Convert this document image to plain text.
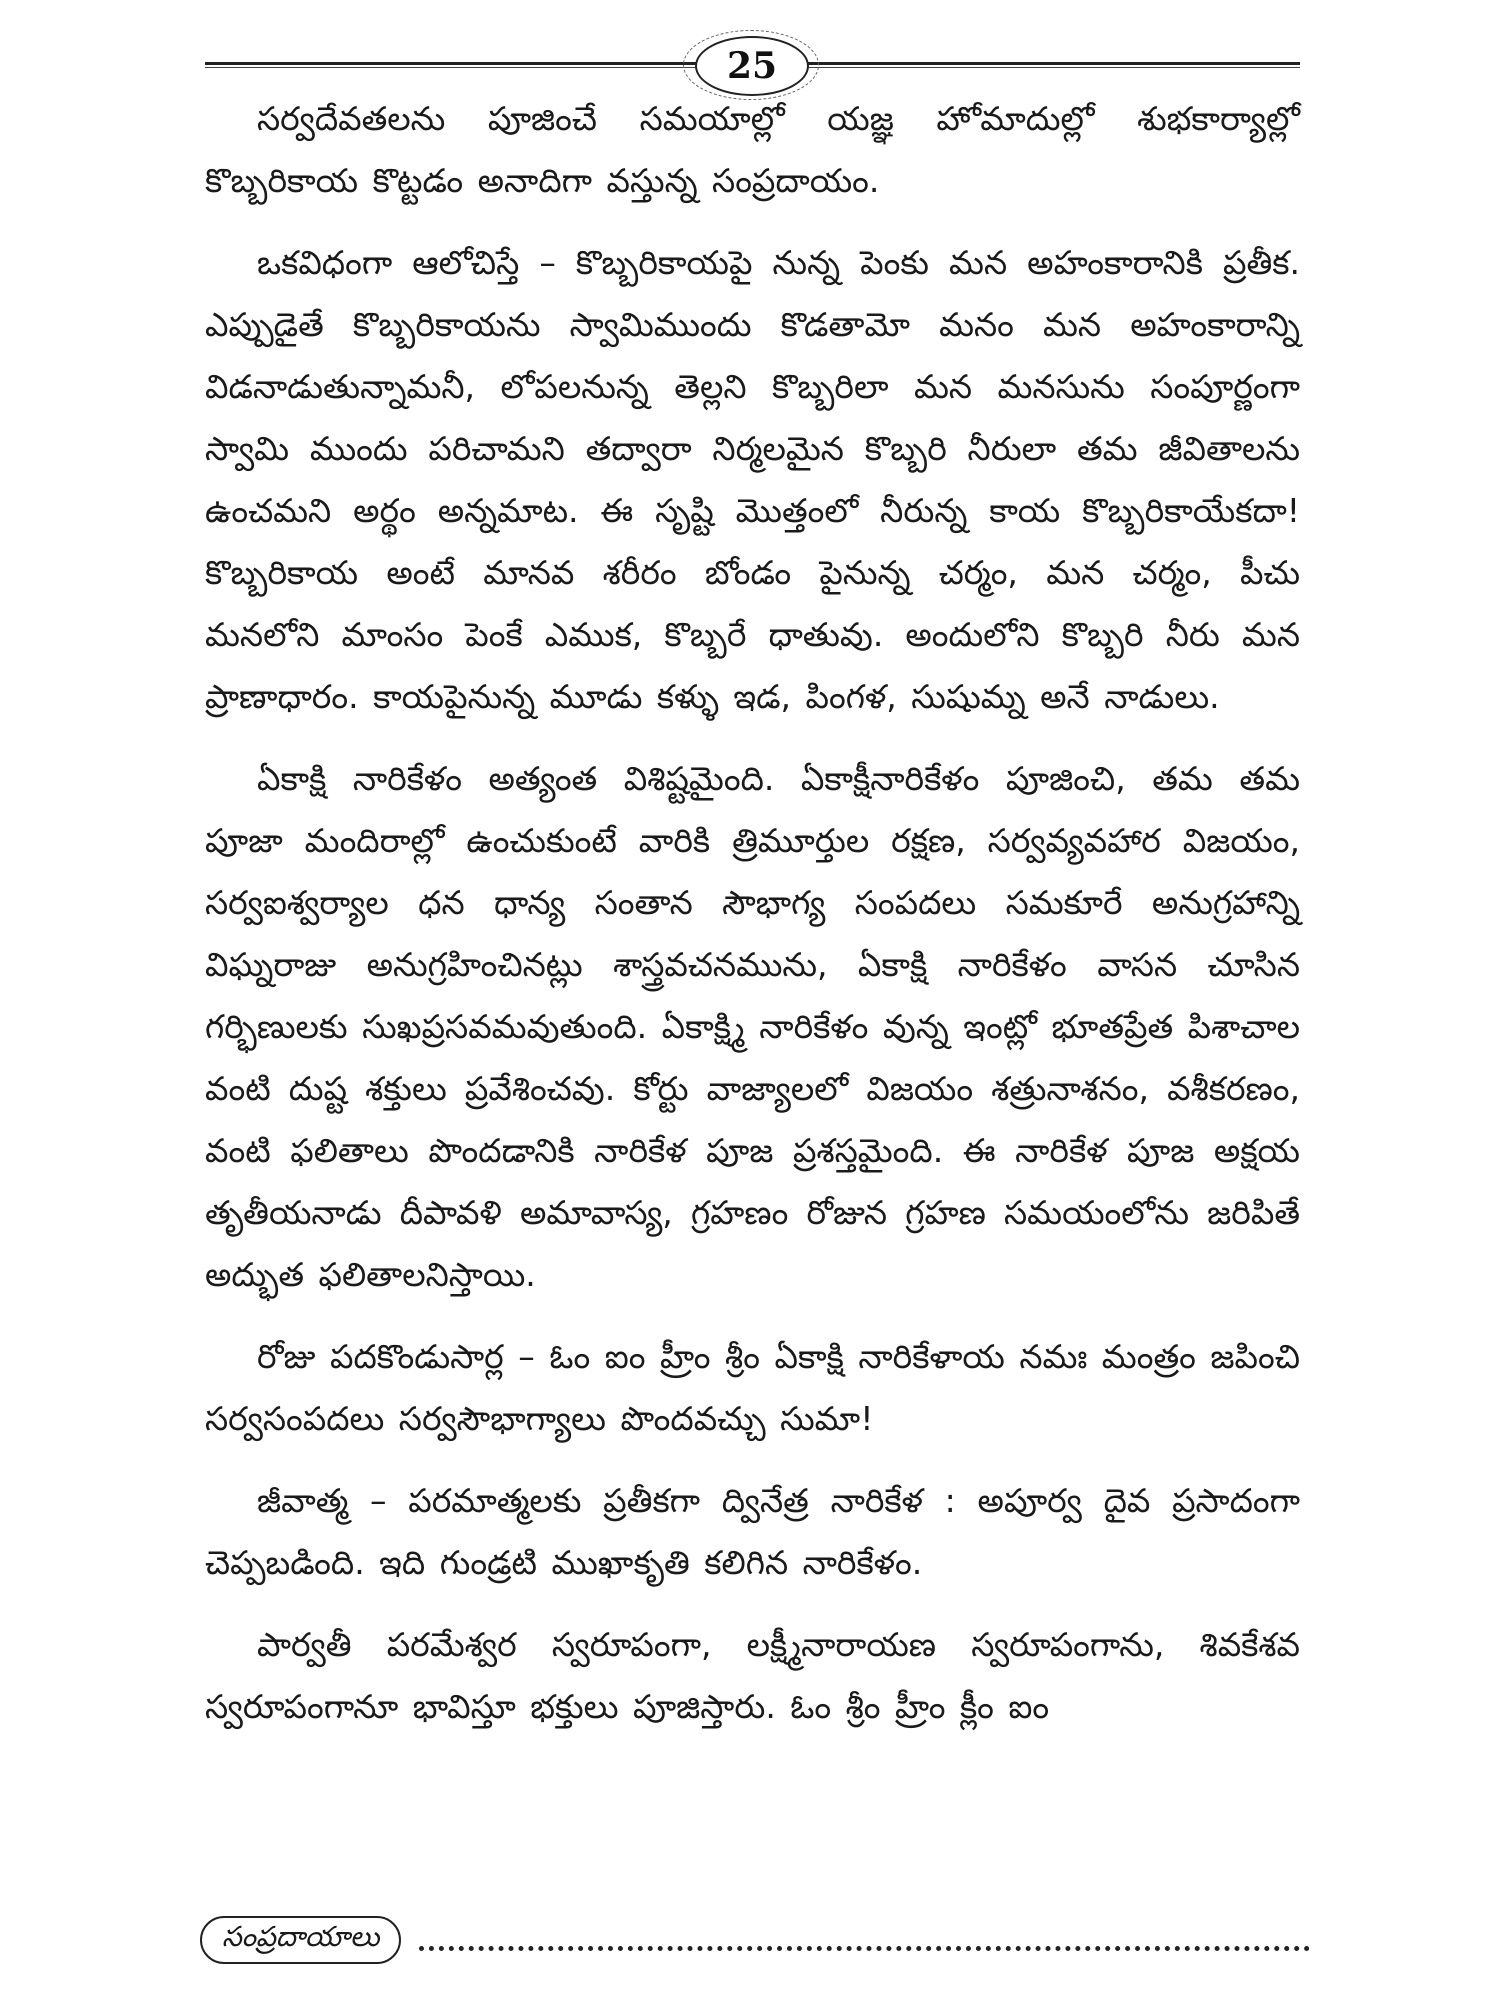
25

సర్వదేవతలను పూజించే సమయాల్లో యజ్ఞ హోమాదుల్లో శుభకార్యాల్లో కొబ్బరికాయ కొట్టడం అనాదిగా వస్తున్న సంప్రదాయం.

ఒకవిధంగా ఆలోచిస్తే – కొబ్బరికాయపై నున్న పెంకు మన అహంకారానికి ప్రతీక. ఎప్పుడైతే కొబ్బరికాయను స్వామిముందు కొడతామో మనం మన అహంకారాన్ని విడనాడుతున్నామనీ, లోపలనున్న తెల్లని కొబ్బరిలా మన మనసును సంపూర్ణంగా స్వామి ముందు పరిచామని తద్వారా నిర్మలమైన కొబ్బరి నీరులా తమ జీవితాలను ఉంచమని అర్థం అన్నమాట. ఈ సృష్టి మొత్తంలో నీరున్న కాయ కొబ్బరికాయేకదా! కొబ్బరికాయ అంటే మానవ శరీరం బోండం పైనున్న చర్మం, మన చర్మం, పీచు మనలోని మాంసం పెంకే ఎముక, కొబ్బరే ధాతువు. అందులోని కొబ్బరి నీరు మన ప్రాణాధారం. కాయపైనున్న మూడు కళ్ళు ఇడ, పింగళ, సుషుమ్న అనే నాడులు.

ఏకాక్షి నారికేళం అత్యంత విశిష్టమైంది. ఏకాక్షీనారికేళం పూజించి, తమ తమ పూజా మందిరాల్లో ఉంచుకుంటే వారికి త్రిమూర్తుల రక్షణ, సర్వవ్యవహార విజయం, సర్వఐశ్వర్యాల ధన ధాన్య సంతాన సౌభాగ్య సంపదలు సమకూరే అనుగ్రహాన్ని విఘ్నరాజు అనుగ్రహించినట్లు శాస్త్రవచనమును, ఏకాక్షి నారికేళం వాసన చూసిన గర్భిణులకు సుఖప్రసవమవుతుంది. ఏకాక్ష్మి నారికేళం వున్న ఇంట్లో భూతప్రేత పిశాచాల వంటి దుష్ట శక్తులు ప్రవేశించవు. కోర్టు వాజ్యాలలో విజయం శత్రునాశనం, వశీకరణం, వంటి ఫలితాలు పొందడానికి నారికేళ పూజ ప్రశస్తమైంది. ఈ నారికేళ పూజ అక్షయ తృతీయనాడు దీపావళి అమావాస్య, గ్రహణం రోజున గ్రహణ సమయంలోను జరిపితే అద్భుత ఫలితాలనిస్తాయి.

రోజు పదకొండుసార్ల – ఓం ఐం హ్రీం శ్రీం ఏకాక్షి నారికేళాయ నమః మంత్రం జపించి సర్వసంపదలు సర్వసౌభాగ్యాలు పొందవచ్చు సుమా!

జీవాత్మ – పరమాత్మలకు ప్రతీకగా ద్వినేత్ర నారికేళ : అపూర్వ దైవ ప్రసాదంగా చెప్పబడింది. ఇది గుండ్రటి ముఖాకృతి కలిగిన నారికేళం.

పార్వతీ పరమేశ్వర స్వరూపంగా, లక్ష్మీనారాయణ స్వరూపంగాను, శివకేశవ స్వరూపంగానూ భావిస్తూ భక్తులు పూజిస్తారు. ఓం శ్రీం హ్రీం క్లీం ఐం

సంప్రదాయాలు
